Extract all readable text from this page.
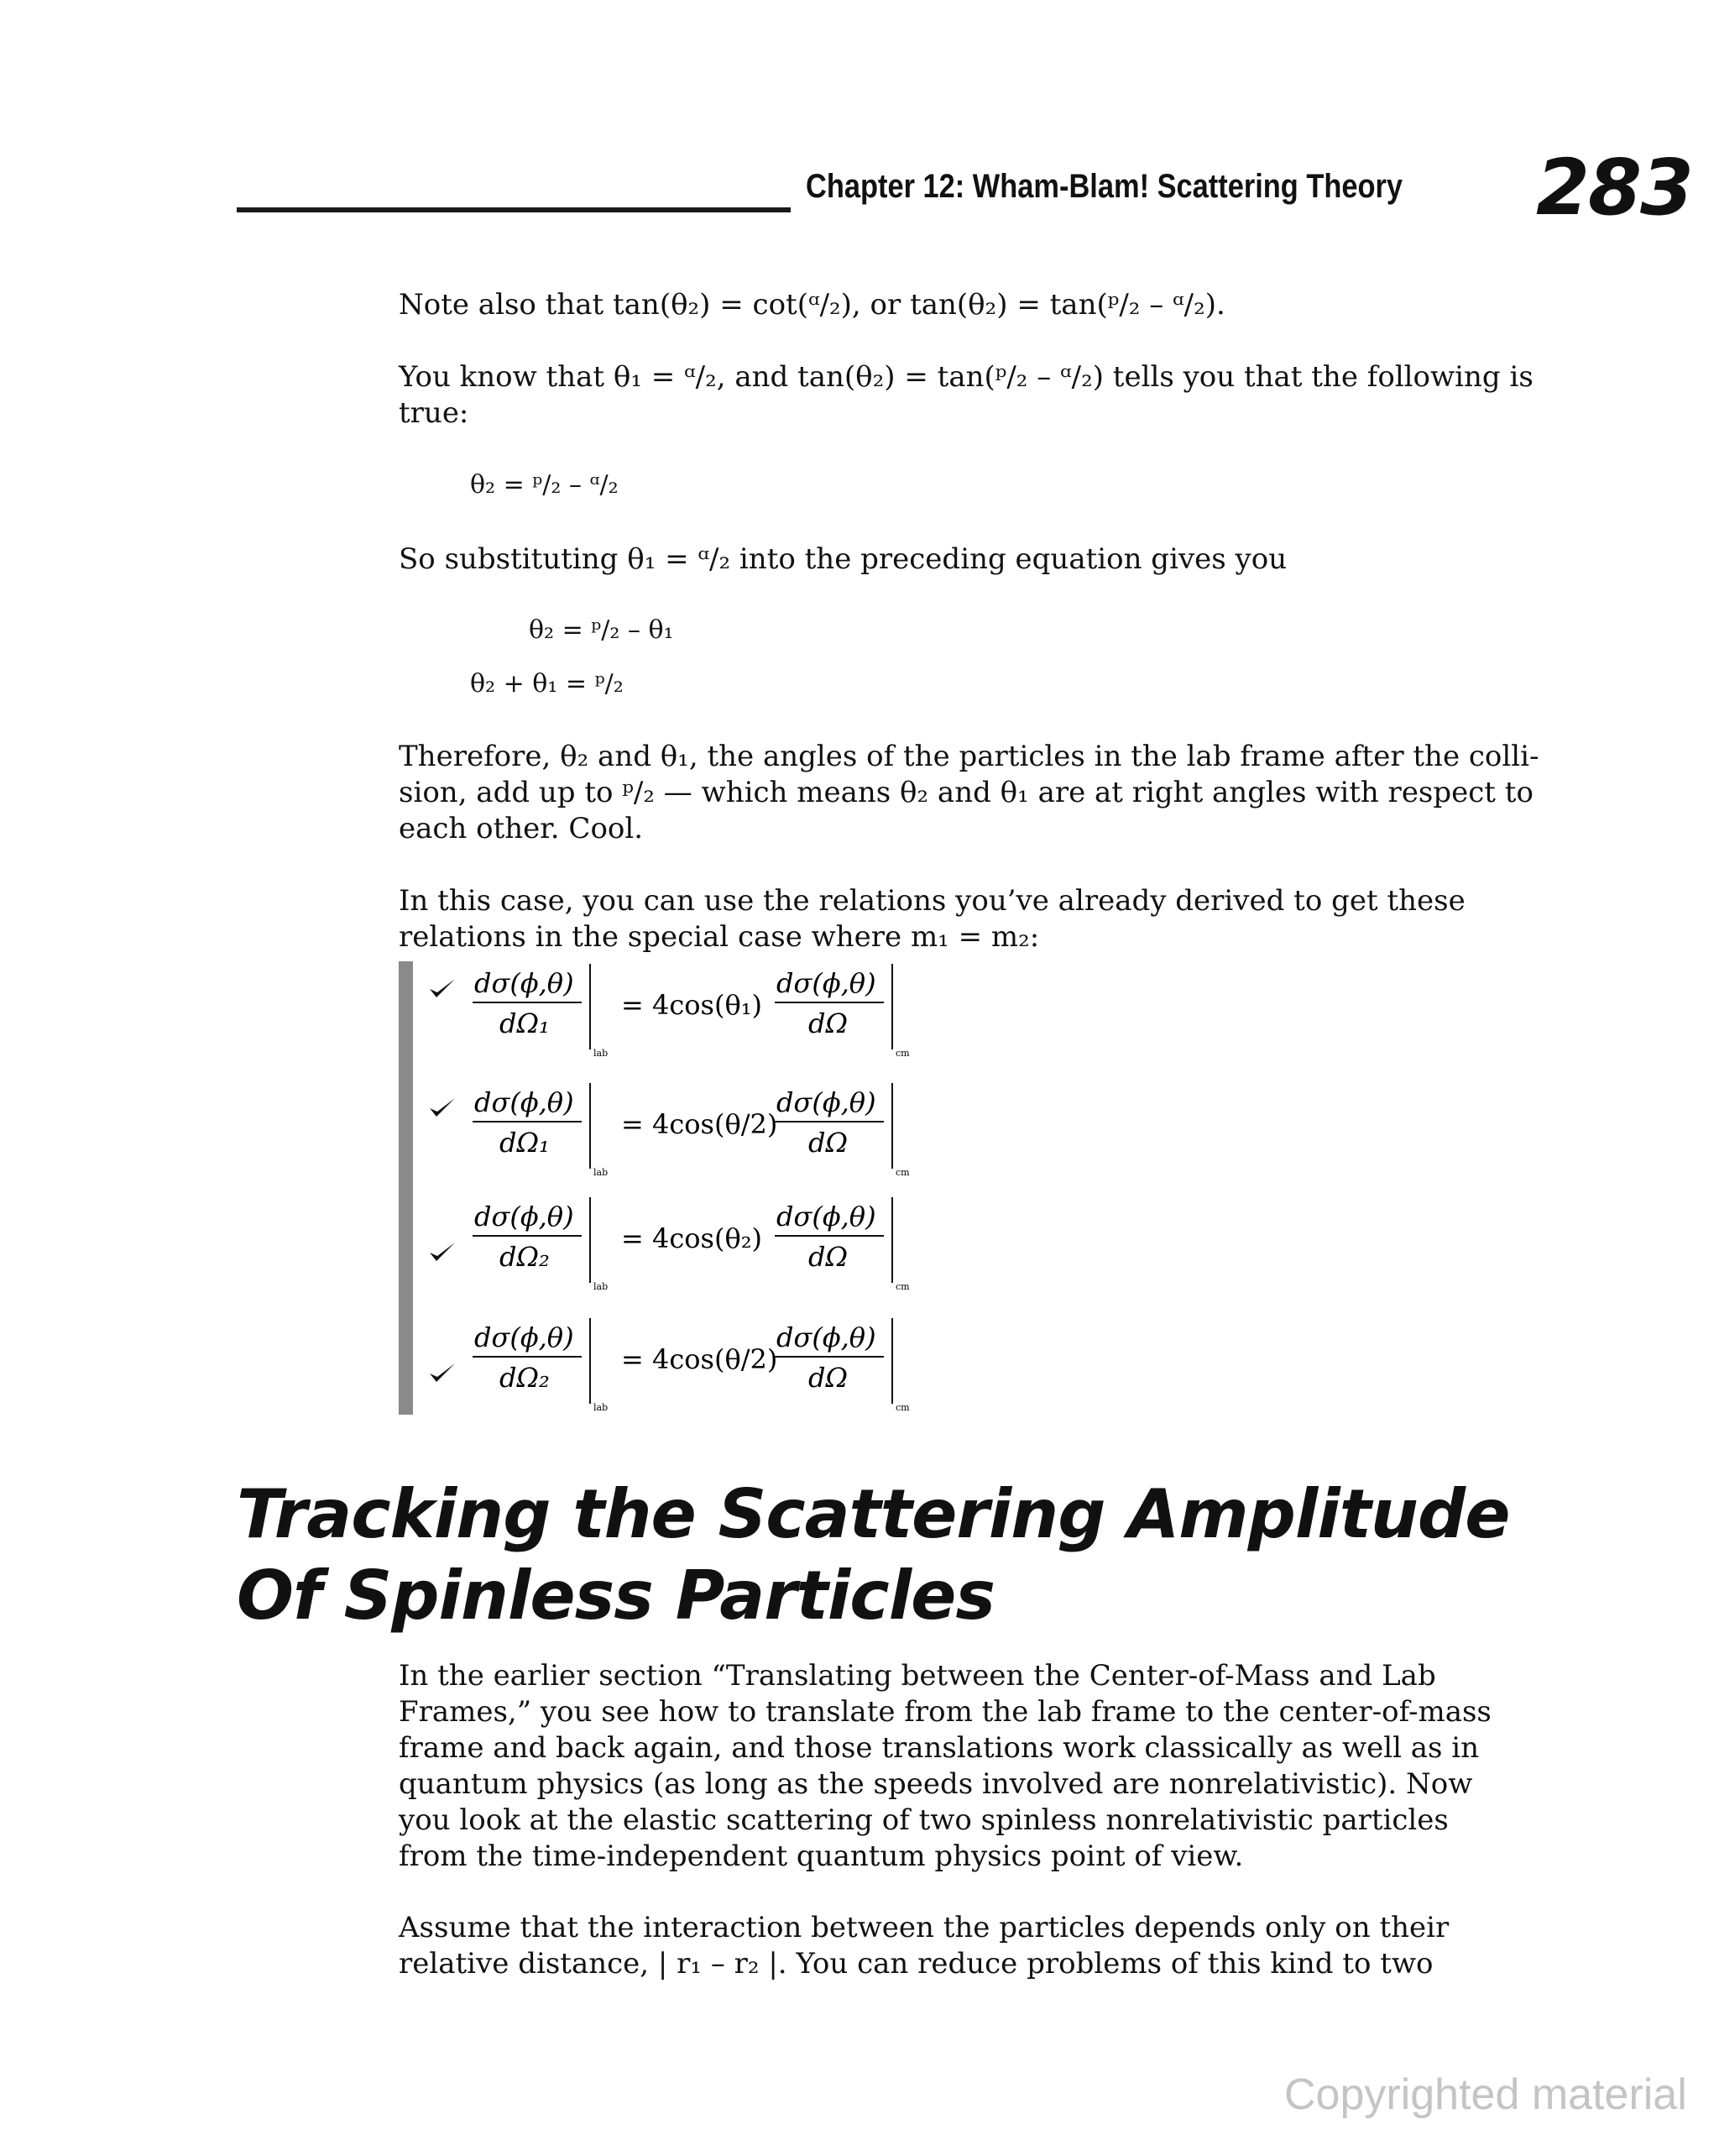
Chapter 12: Wham-Blam! Scattering Theory 283
Note also that tan(θ₂) = cot(ᵅ/₂), or tan(θ₂) = tan(ᵖ/₂ – ᵅ/₂).
You know that θ₁ = ᵅ/₂, and tan(θ₂) = tan(ᵖ/₂ – ᵅ/₂) tells you that the following is
true:
θ₂ = ᵖ/₂ – ᵅ/₂
So substituting θ₁ = ᵅ/₂ into the preceding equation gives you
θ₂ = ᵖ/₂ – θ₁
θ₂ + θ₁ = ᵖ/₂
Therefore, θ₂ and θ₁, the angles of the particles in the lab frame after the colli-
sion, add up to ᵖ/₂ — which means θ₂ and θ₁ are at right angles with respect to
each other. Cool.
In this case, you can use the relations you’ve already derived to get these
relations in the special case where m₁ = m₂:
dσ(ϕ,θ)
dΩ₁
lab
= 4cos(θ₁)
dσ(ϕ,θ)
dΩ
cm
dσ(ϕ,θ)
dΩ₁
lab
= 4cos(θ/2)
dσ(ϕ,θ)
dΩ
cm
dσ(ϕ,θ)
dΩ₂
lab
= 4cos(θ₂)
dσ(ϕ,θ)
dΩ
cm
dσ(ϕ,θ)
dΩ₂
lab
= 4cos(θ/2)
dσ(ϕ,θ)
dΩ
cm
Tracking the Scattering Amplitude
Of Spinless Particles
In the earlier section “Translating between the Center-of-Mass and Lab
Frames,” you see how to translate from the lab frame to the center-of-mass
frame and back again, and those translations work classically as well as in
quantum physics (as long as the speeds involved are nonrelativistic). Now
you look at the elastic scattering of two spinless nonrelativistic particles
from the time-independent quantum physics point of view.
Assume that the interaction between the particles depends only on their
relative distance, | r₁ – r₂ |. You can reduce problems of this kind to two
Copyrighted material
